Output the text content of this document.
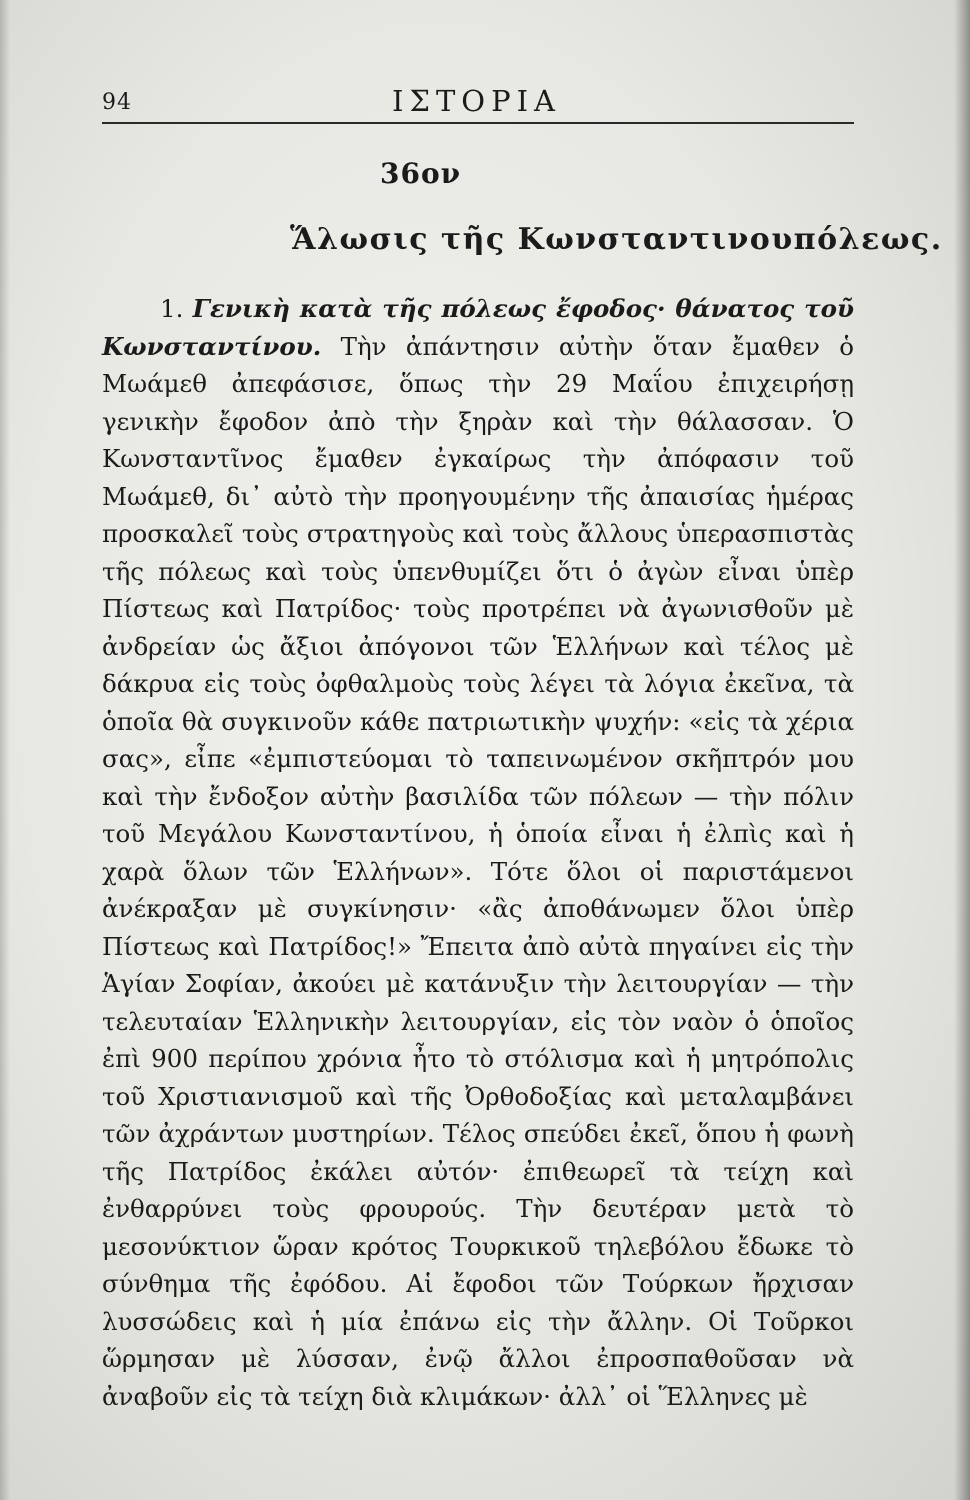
94	ΙΣΤΟΡΙΑ
36ον
Ἅλωσις τῆς Κωνσταντινουπόλεως.

1. Γενικὴ κατὰ τῆς πόλεως ἔφοδος· θάνατος τοῦ Κωνσταντίνου. Τὴν ἀπάντησιν αὐτὴν ὅταν ἔμαθεν ὁ Μωάμεθ ἀπεφάσισε, ὅπως τὴν 29 Μαΐου ἐπιχειρήσῃ γενικὴν ἔφοδον ἀπὸ τὴν ξηρὰν καὶ τὴν θάλασσαν. Ὁ Κωνσταντῖνος ἔμαθεν ἐγκαίρως τὴν ἀπόφασιν τοῦ Μωάμεθ, δι᾽ αὐτὸ τὴν προηγουμένην τῆς ἀπαισίας ἡμέρας προσκαλεῖ τοὺς στρατηγοὺς καὶ τοὺς ἄλλους ὑπερασπιστὰς τῆς πόλεως καὶ τοὺς ὑπενθυμίζει ὅτι ὁ ἀγὼν εἶναι ὑπὲρ Πίστεως καὶ Πατρίδος· τοὺς προτρέπει νὰ ἀγωνισθοῦν μὲ ἀνδρείαν ὡς ἄξιοι ἀπόγονοι τῶν Ἑλλήνων καὶ τέλος μὲ δάκρυα εἰς τοὺς ὀφθαλμοὺς τοὺς λέγει τὰ λόγια ἐκεῖνα, τὰ ὁποῖα θὰ συγκινοῦν κάθε πατριωτικὴν ψυχήν: «εἰς τὰ χέρια σας», εἶπε «ἐμπιστεύομαι τὸ ταπεινωμένον σκῆπτρόν μου καὶ τὴν ἔνδοξον αὐτὴν βασιλίδα τῶν πόλεων — τὴν πόλιν τοῦ Μεγάλου Κωνσταντίνου, ἡ ὁποία εἶναι ἡ ἐλπὶς καὶ ἡ χαρὰ ὅλων τῶν Ἑλλήνων». Τότε ὅλοι οἱ παριστάμενοι ἀνέκραξαν μὲ συγκίνησιν· «ἂς ἀποθάνωμεν ὅλοι ὑπὲρ Πίστεως καὶ Πατρίδος!» Ἔπειτα ἀπὸ αὐτὰ πηγαίνει εἰς τὴν Ἁγίαν Σοφίαν, ἀκούει μὲ κατάνυξιν τὴν λειτουργίαν — τὴν τελευταίαν Ἑλληνικὴν λειτουργίαν, εἰς τὸν ναὸν ὁ ὁποῖος ἐπὶ 900 περίπου χρόνια ἦτο τὸ στόλισμα καὶ ἡ μητρόπολις τοῦ Χριστιανισμοῦ καὶ τῆς Ὀρθοδοξίας καὶ μεταλαμβάνει τῶν ἀχράντων μυστηρίων. Τέλος σπεύδει ἐκεῖ, ὅπου ἡ φωνὴ τῆς Πατρίδος ἐκάλει αὐτόν· ἐπιθεωρεῖ τὰ τείχη καὶ ἐνθαρρύνει τοὺς φρουρούς. Τὴν δευτέραν μετὰ τὸ μεσονύκτιον ὥραν κρότος Τουρκικοῦ τηλεβόλου ἔδωκε τὸ σύνθημα τῆς ἐφόδου. Αἱ ἔφοδοι τῶν Τούρκων ἤρχισαν λυσσώδεις καὶ ἡ μία ἐπάνω εἰς τὴν ἄλλην. Οἱ Τοῦρκοι ὥρμησαν μὲ λύσσαν, ἐνῷ ἄλλοι ἐπροσπαθοῦσαν νὰ ἀναβοῦν εἰς τὰ τείχη διὰ κλιμάκων· ἀλλ᾽ οἱ Ἕλληνες μὲ
